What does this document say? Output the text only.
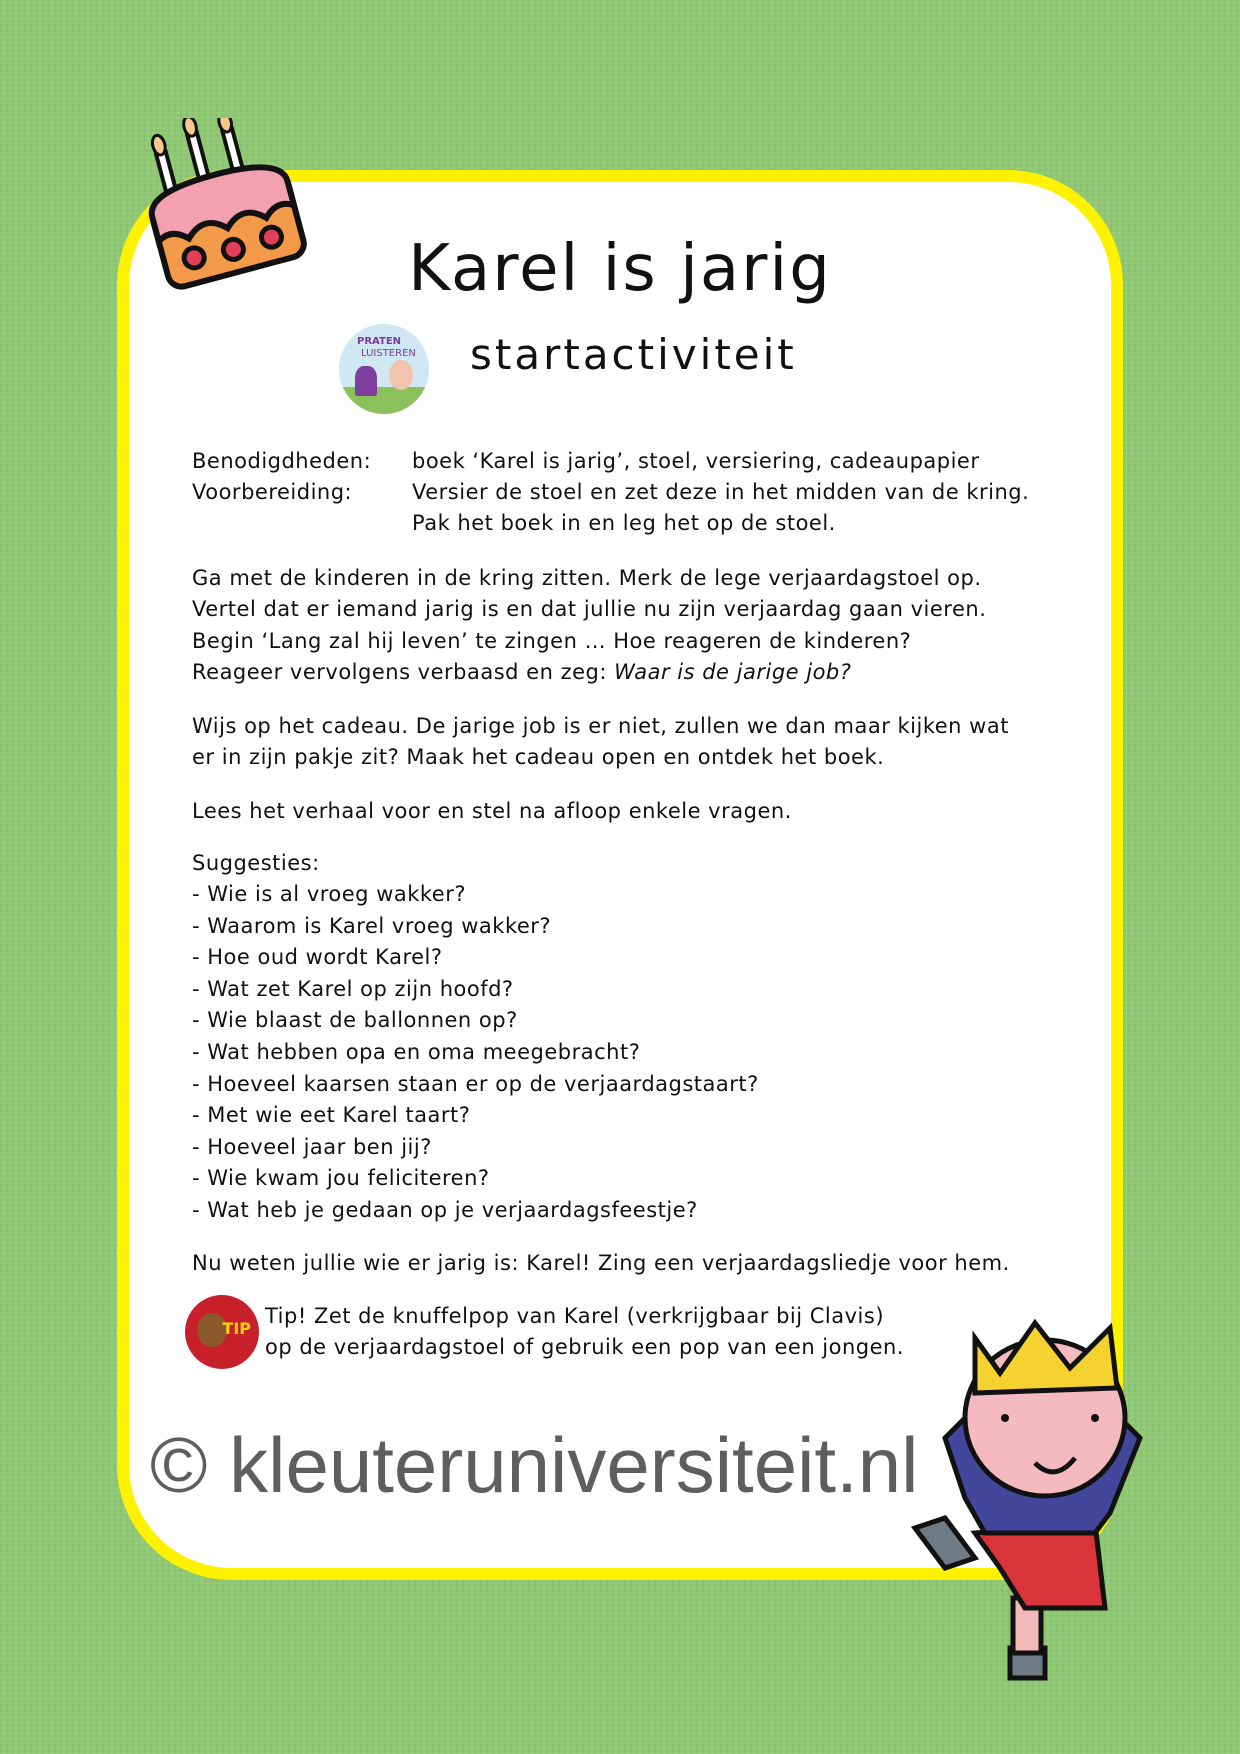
Karel is jarig
PRATEN
LUISTEREN startactiviteit
Benodigdheden: boek ‘Karel is jarig’, stoel, versiering, cadeaupapier
Voorbereiding:	Versier de stoel en zet deze in het midden van de kring.
Pak het boek in en leg het op de stoel.
Ga met de kinderen in de kring zitten. Merk de lege verjaardagstoel op.
Vertel dat er iemand jarig is en dat jullie nu zijn verjaardag gaan vieren.
Begin ‘Lang zal hij leven’ te zingen … Hoe reageren de kinderen?
Reageer vervolgens verbaasd en zeg: Waar is de jarige job?
Wijs op het cadeau. De jarige job is er niet, zullen we dan maar kijken wat
er in zijn pakje zit? Maak het cadeau open en ontdek het boek.
Lees het verhaal voor en stel na afloop enkele vragen.
Suggesties:
- Wie is al vroeg wakker?
- Waarom is Karel vroeg wakker?
- Hoe oud wordt Karel?
- Wat zet Karel op zijn hoofd?
- Wie blaast de ballonnen op?
- Wat hebben opa en oma meegebracht?
- Hoeveel kaarsen staan er op de verjaardagstaart?
- Met wie eet Karel taart?
- Hoeveel jaar ben jij?
- Wie kwam jou feliciteren?
- Wat heb je gedaan op je verjaardagsfeestje?
Nu weten jullie wie er jarig is: Karel! Zing een verjaardagsliedje voor hem.
TIP
Tip! Zet de knuffelpop van Karel (verkrijgbaar bij Clavis)
op de verjaardagstoel of gebruik een pop van een jongen.
© kleuteruniversiteit.nl
